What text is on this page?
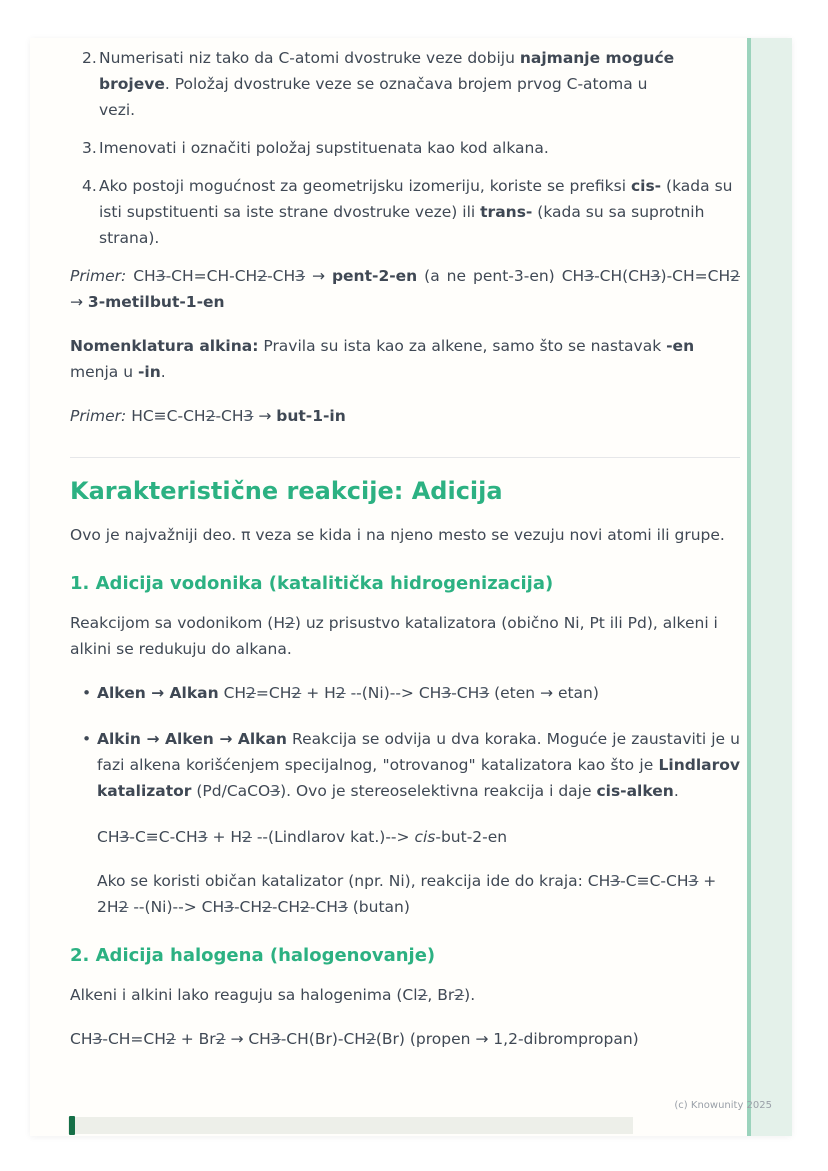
2. Numerisati niz tako da C-atomi dvostruke veze dobiju najmanje moguće brojeve. Položaj dvostruke veze se označava brojem prvog C-atoma u
vezi.
3. Imenovati i označiti položaj supstituenata kao kod alkana.
4. Ako postoji mogućnost za geometrijsku izomeriju, koriste se prefiksi cis- (kada su isti supstituenti sa iste strane dvostruke veze) ili trans- (kada su sa suprotnih strana).

Primer: CH3-CH=CH-CH2-CH3 → pent-2-en (a ne pent-3-en) CH3-CH(CH3)-CH=CH2 → 3-metilbut-1-en

Nomenklatura alkina: Pravila su ista kao za alkene, samo što se nastavak -en menja u -in.

Primer: HC≡C-CH2-CH3 → but-1-in

Karakteristične reakcije: Adicija

Ovo je najvažniji deo. π veza se kida i na njeno mesto se vezuju novi atomi ili grupe.

1. Adicija vodonika (katalitička hidrogenizacija)

Reakcijom sa vodonikom (H2) uz prisustvo katalizatora (obično Ni, Pt ili Pd), alkeni i alkini se redukuju do alkana.

• Alken → Alkan CH2=CH2 + H2 --(Ni)--> CH3-CH3 (eten → etan)
• Alkin → Alken → Alkan Reakcija se odvija u dva koraka. Moguće je zaustaviti je u fazi alkena korišćenjem specijalnog, "otrovanog" katalizatora kao što je Lindlarov katalizator (Pd/CaCO3). Ovo je stereoselektivna reakcija i daje cis-alken.

CH3-C≡C-CH3 + H2 --(Lindlarov kat.)--> cis-but-2-en

Ako se koristi običan katalizator (npr. Ni), reakcija ide do kraja: CH3-C≡C-CH3 + 2H2 --(Ni)--> CH3-CH2-CH2-CH3 (butan)

2. Adicija halogena (halogenovanje)

Alkeni i alkini lako reaguju sa halogenima (Cl2, Br2).

CH3-CH=CH2 + Br2 → CH3-CH(Br)-CH2(Br) (propen → 1,2-dibrompropan)

(c) Knowunity 2025
